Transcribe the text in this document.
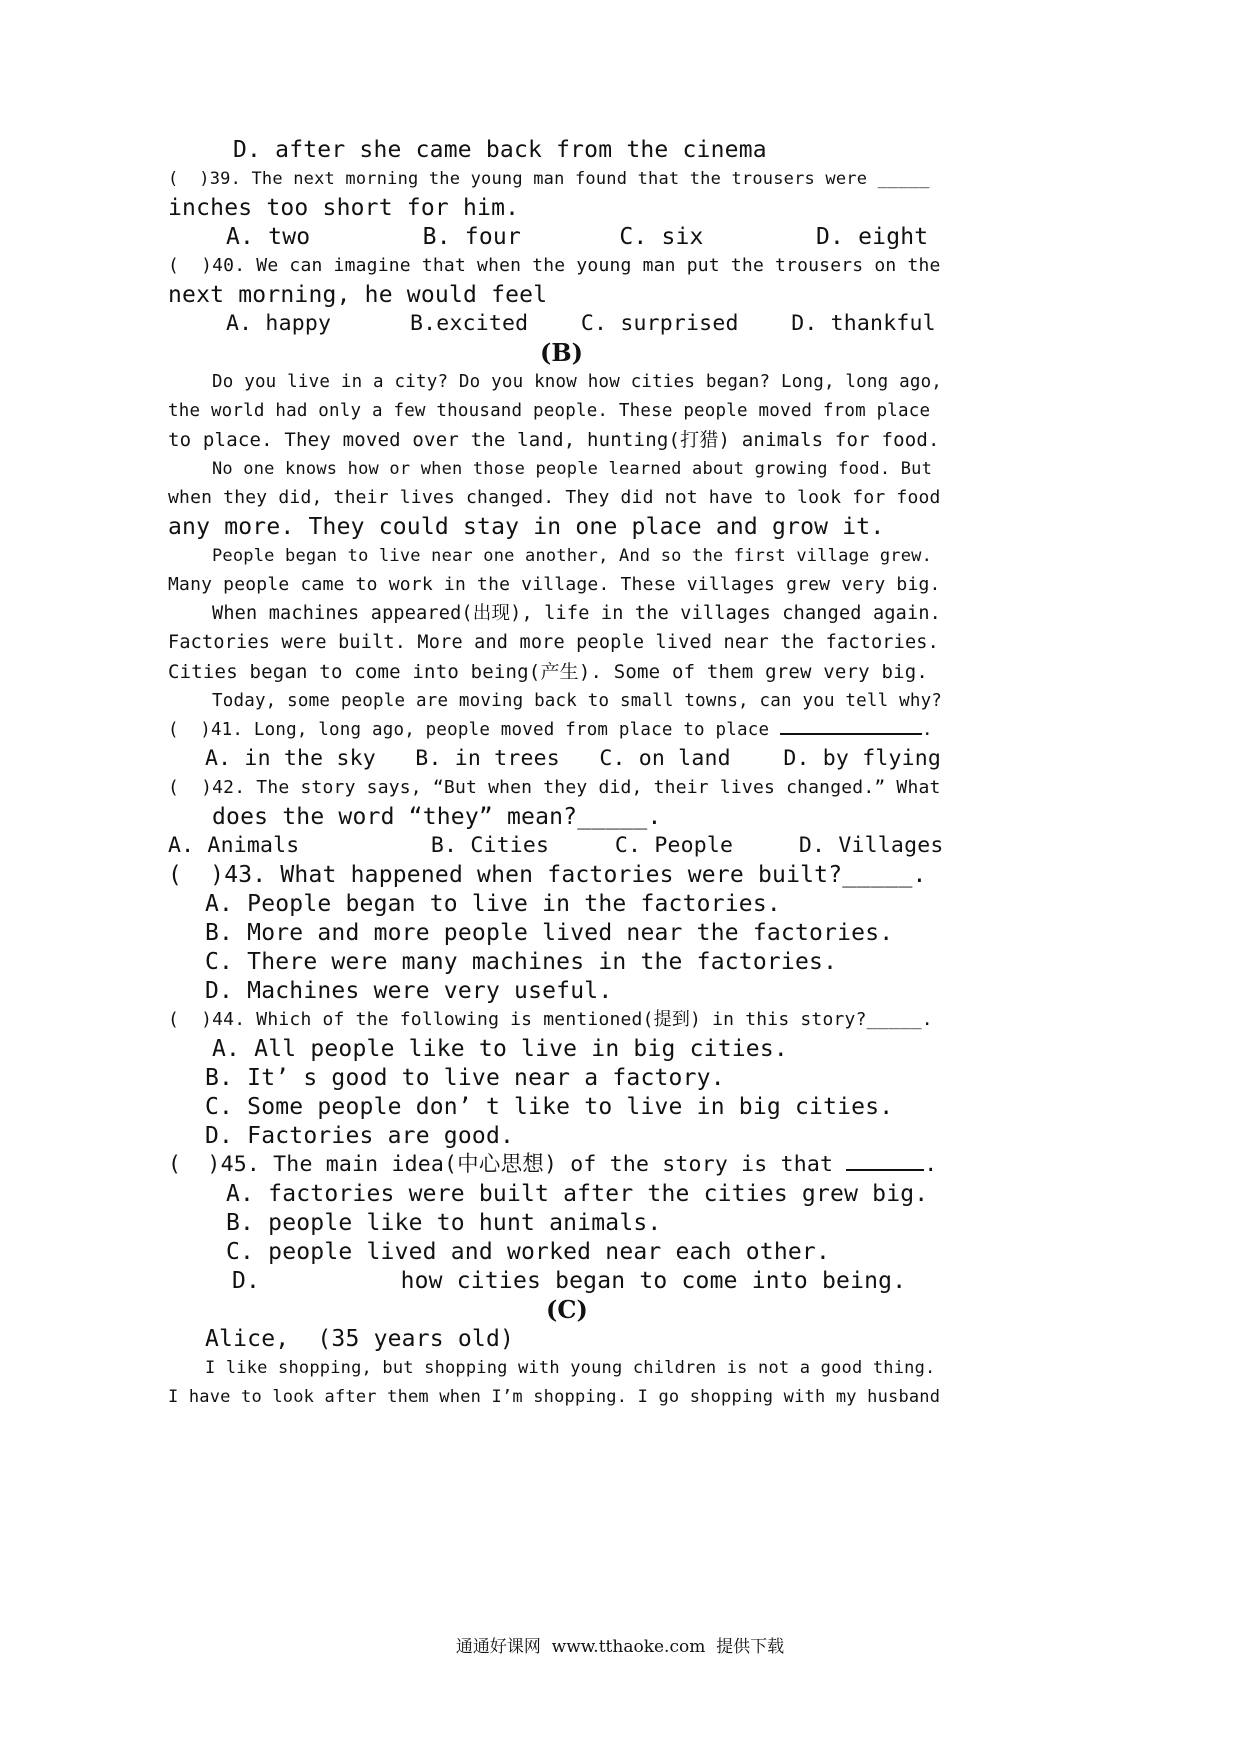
D. after she came back from the cinema
(  )39. The next morning the young man found that the trousers were _____
inches too short for him.
A. two        B. four       C. six        D. eight
(  )40. We can imagine that when the young man put the trousers on the
next morning, he would feel
A. happy      B.excited    C. surprised    D. thankful
(B)
Do you live in a city? Do you know how cities began? Long, long ago,
the world had only a few thousand people. These people moved from place
to place. They moved over the land, hunting(打猎) animals for food.
No one knows how or when those people learned about growing food. But
when they did, their lives changed. They did not have to look for food
any more. They could stay in one place and grow it.
People began to live near one another, And so the first village grew.
Many people came to work in the village. These villages grew very big.
When machines appeared(出现), life in the villages changed again.
Factories were built. More and more people lived near the factories.
Cities began to come into being(产生). Some of them grew very big.
Today, some people are moving back to small towns, can you tell why?
(  )41. Long, long ago, people moved from place to place	.
A. in the sky   B. in trees   C. on land    D. by flying
(  )42. The story says, “But when they did, their lives changed.” What
does the word “they” mean?_____.
A. Animals          B. Cities     C. People     D. Villages
(  )43. What happened when factories were built?_____.
A. People began to live in the factories.
B. More and more people lived near the factories.
C. There were many machines in the factories.
D. Machines were very useful.
(  )44. Which of the following is mentioned(提到) in this story?_____.
A. All people like to live in big cities.
B. It’ s good to live near a factory.
C. Some people don’ t like to live in big cities.
D. Factories are good.
(  )45. The main idea(中心思想) of the story is that	.
A. factories were built after the cities grew big.
B. people like to hunt animals.
C. people lived and worked near each other.
D.          how cities began to come into being.
(C)
Alice,  (35 years old)
I like shopping, but shopping with young children is not a good thing.
I have to look after them when I’m shopping. I go shopping with my husband
通通好课网  www.tthaoke.com  提供下载
